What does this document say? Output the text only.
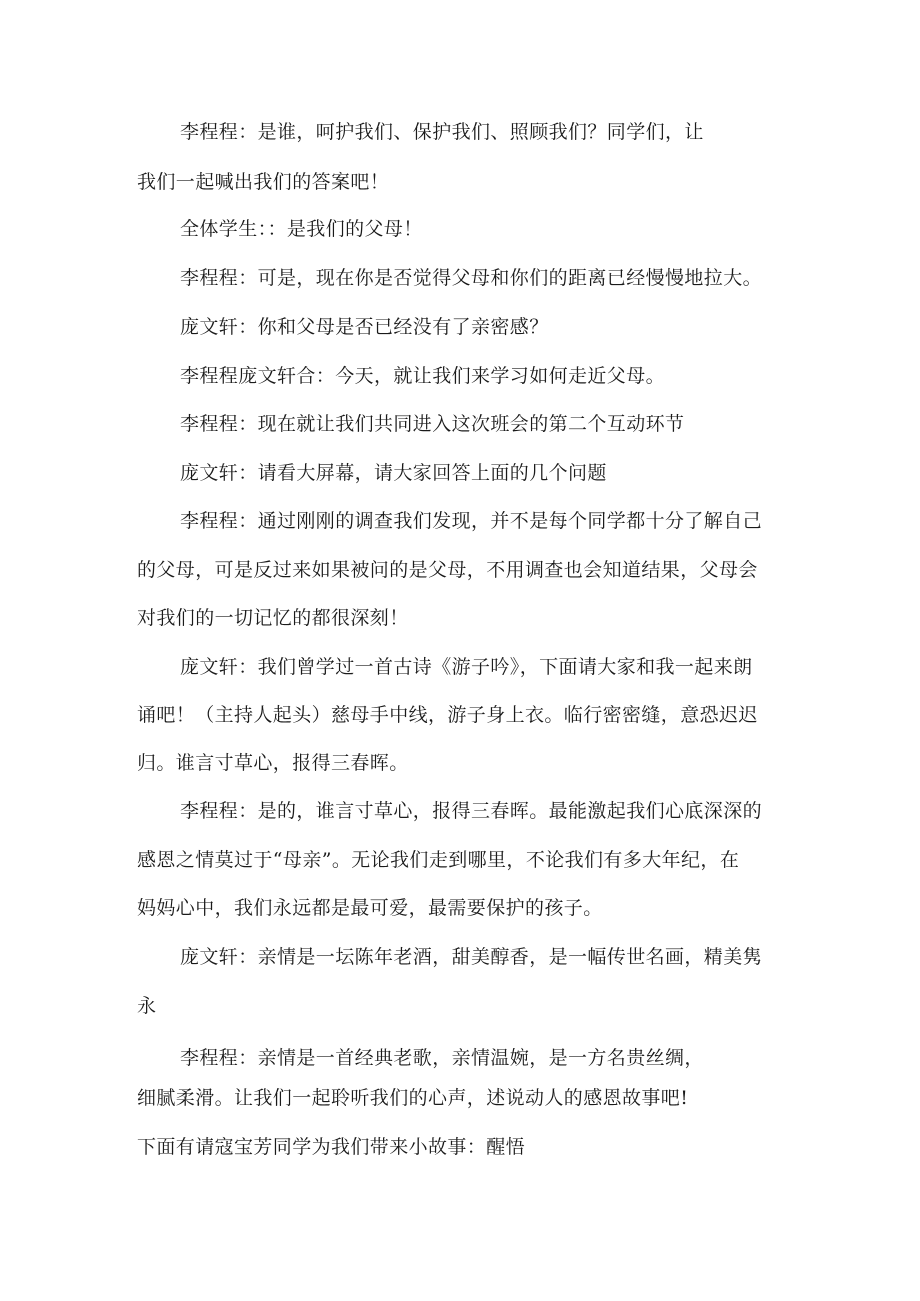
李程程：是谁，呵护我们、保护我们、照顾我们？同学们，让

我们一起喊出我们的答案吧！

全体学生：：是我们的父母！

李程程：可是，现在你是否觉得父母和你们的距离已经慢慢地拉大。

庞文轩：你和父母是否已经没有了亲密感？

李程程庞文轩合：今天，就让我们来学习如何走近父母。

李程程：现在就让我们共同进入这次班会的第二个互动环节

庞文轩：请看大屏幕，请大家回答上面的几个问题

李程程：通过刚刚的调查我们发现，并不是每个同学都十分了解自己

的父母，可是反过来如果被问的是父母，不用调查也会知道结果，父母会

对我们的一切记忆的都很深刻！

庞文轩：我们曾学过一首古诗《游子吟》，下面请大家和我一起来朗

诵吧！（主持人起头）慈母手中线，游子身上衣。临行密密缝，意恐迟迟

归。谁言寸草心，报得三春晖。

李程程：是的，谁言寸草心，报得三春晖。最能激起我们心底深深的

感恩之情莫过于“母亲”。无论我们走到哪里，不论我们有多大年纪，在

妈妈心中，我们永远都是最可爱，最需要保护的孩子。

庞文轩：亲情是一坛陈年老酒，甜美醇香，是一幅传世名画，精美隽

永

李程程：亲情是一首经典老歌，亲情温婉，是一方名贵丝绸，

细腻柔滑。让我们一起聆听我们的心声，述说动人的感恩故事吧!

下面有请寇宝芳同学为我们带来小故事：醒悟
